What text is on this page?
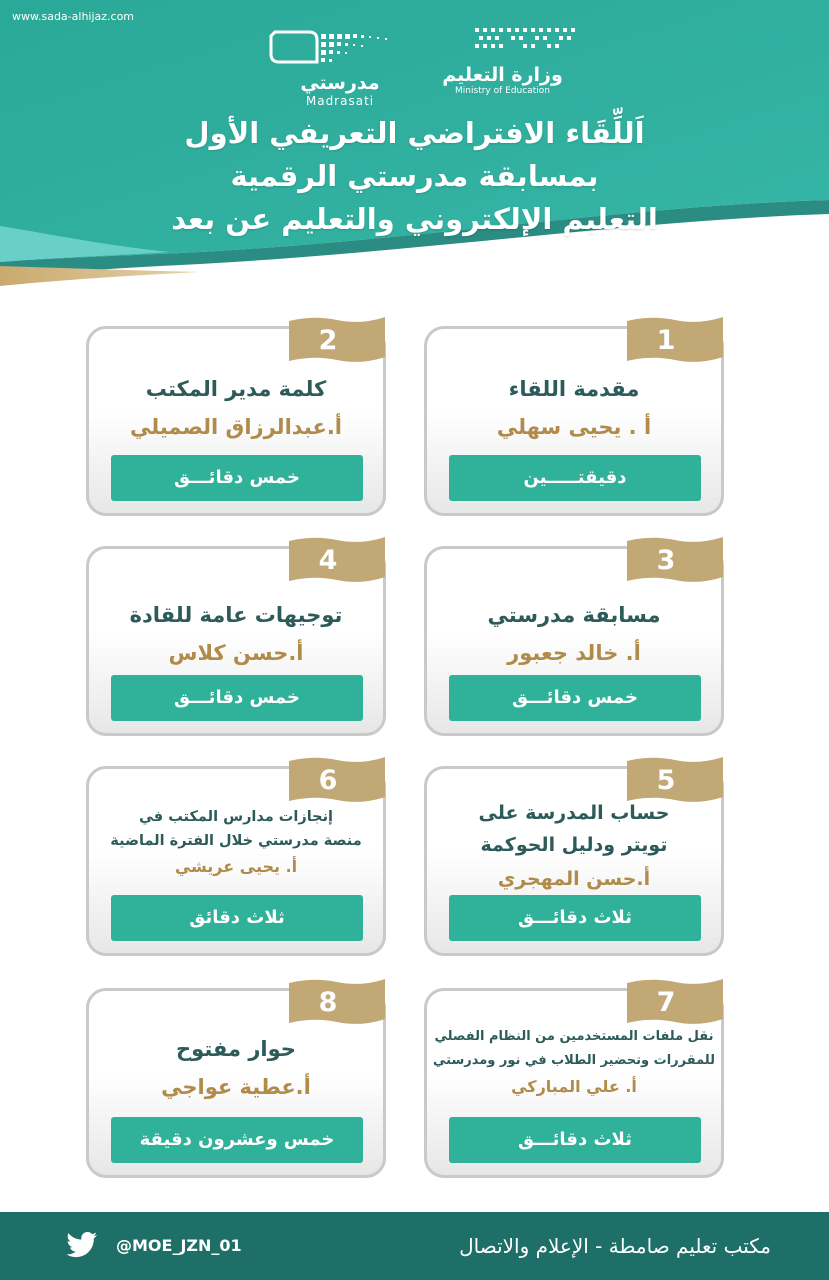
www.sada-alhijaz.com
مدرستي
Madrasati
وزارة التعليم
Ministry of Education
اَللِّقَاء الافتراضي التعريفي الأول
بمسابقة مدرستي الرقمية
التعليم الإلكتروني والتعليم عن بعد
1
مقدمة اللقاء
أ . يحيى سهلي
دقيقتـــــين
2
كلمة مدير المكتب
أ.عبدالرزاق الصميلي
خمس دقائـــق
3
مسابقة مدرستي
أ. خالد جعبور
خمس دقائـــق
4
توجيهات عامة للقادة
أ.حسن كلاس
خمس دقائـــق
5
حساب المدرسة على
تويتر ودليل الحوكمة
أ.حسن المهجري
ثلاث دقائـــق
6
إنجازات مدارس المكتب في
منصة مدرستي خلال الفترة الماضية
أ. يحيى عريشي
ثلاث دقائق
7
نقل ملفات المستخدمين من النظام الفصلي
للمقررات وتحضير الطلاب في نور ومدرستي
أ. علي المباركي
ثلاث دقائـــق
8
حوار مفتوح
أ.عطية عواجي
خمس وعشرون دقيقة
@MOE_JZN_01	مكتب تعليم صامطة - الإعلام والاتصال
